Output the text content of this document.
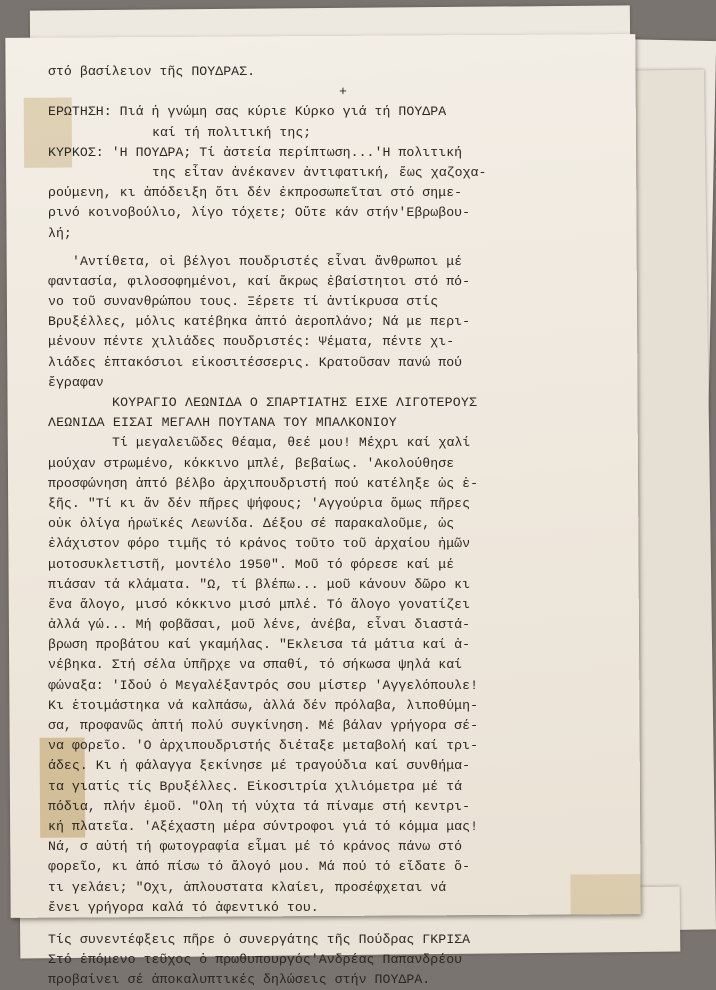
στό βασίλειον τῆς ΠΟΥΔΡΑΣ.
+
ΕΡΩΤΗΣΗ: Πιά ἡ γνώμη σας κύριε Κύρκο γιά τή ΠΟΥΔΡΑ
καί τή πολιτική της;
ΚΥΡΚΟΣ: 'Η ΠΟΥΔΡΑ; Τί ἀστεία περίπτωση...'Η πολιτική
της εἶταν ἀνέκανεν ἀντιφατική, ἕως χαζοχα-
ρούμενη, κι ἀπόδειξη ὅτι δέν ἐκπροσωπεῖται στό σημε-
ρινό κοινοβούλιο, λίγο τόχετε; Οὔτε κάν στήν'Εβρωβου-
λή;
'Αντίθετα, οἱ βέλγοι πουδριστές εἶναι ἄνθρωποι μέ
φαντασία, φιλοσοφημένοι, καί ἄκρως ἐβαίστητοι στό πό-
νο τοῦ συνανθρώπου τους. Ξέρετε τί ἀντίκρυσα στίς
Βρυξέλλες, μόλις κατέβηκα ἀπτό ἀεροπλάνο; Νά με περι-
μένουν πέντε χιλιάδες πουδριστές: Ψέματα, πέντε χι-
λιάδες ἑπτακόσιοι εἰκοσιτέσσερις. Κρατοῦσαν πανώ πού
ἔγραφαν
ΚΟΥΡΑΓΙΟ ΛΕΩΝΙΔΑ Ο ΣΠΑΡΤΙΑΤΗΣ ΕΙΧΕ ΛΙΓΟΤΕΡΟΥΣ
ΛΕΩΝΙΔΑ ΕΙΣΑΙ ΜΕΓΑΛΗ ΠΟΥΤΑΝΑ ΤΟΥ ΜΠΑΛΚΟΝΙΟΥ
Τί μεγαλειῶδες θέαμα, θεέ μου! Μέχρι καί χαλί
μούχαν στρωμένο, κόκκινο μπλέ, βεβαίως. 'Ακολούθησε
προσφώνηση ἀπτό βέλβο ἀρχιπουδριστή πού κατέληξε ὡς ἑ-
ξῆς. "Τί κι ἄν δέν πῆρες ψήφους; 'Αγγούρια ὅμως πῆρες
οὐκ ὀλίγα ἡρωϊκές Λεωνίδα. Δέξου σέ παρακαλοῦμε, ὡς
ἐλάχιστον φόρο τιμῆς τό κράνος τοῦτο τοῦ ἀρχαίου ἡμῶν
μοτοσυκλετιστῆ, μοντέλο 1950". Μοῦ τό φόρεσε καί μέ
πιάσαν τά κλάματα. "Ω, τί βλέπω... μοῦ κάνουν δῶρο κι
ἕνα ἄλογο, μισό κόκκινο μισό μπλέ. Τό ἄλογο γονατίζει
ἀλλά γώ... Μή φοβᾶσαι, μοῦ λένε, ἀνέβα, εἶναι διαστά-
βρωση προβάτου καί γκαμήλας. "Εκλεισα τά μάτια καί ἀ-
νέβηκα. Στή σέλα ὑπῆρχε να σπαθί, τό σήκωσα ψηλά καί
φώναξα: 'Ιδού ὁ Μεγαλέξαντρός σου μίστερ 'Αγγελόπουλε!
Κι ἑτοιμάστηκα νά καλπάσω, ἀλλά δέν πρόλαβα, λιποθύμη-
σα, προφανῶς ἀπτή πολύ συγκίνηση. Μέ βάλαν γρήγορα σέ-
να φορεῖο. 'Ο ἀρχιπουδριστής διέταξε μεταβολή καί τρι-
άδες. Κι ἡ φάλαγγα ξεκίνησε μέ τραγούδια καί συνθήμα-
τα γιατίς τίς Βρυξέλλες. Εἰκοσιτρία χιλιόμετρα μέ τά
πόδια, πλήν ἐμοῦ. "Ολη τή νύχτα τά πίναμε στή κεντρι-
κή πλατεῖα. 'Αξέχαστη μέρα σύντροφοι γιά τό κόμμα μας!
Νά, σ αὐτή τή φωτογραφία εἶμαι μέ τό κράνος πάνω στό
φορεῖο, κι ἀπό πίσω τό ἄλογό μου. Μά πού τό εἴδατε ὅ-
τι γελάει; "Οχι, ἁπλουστατα κλαίει, προσέφχεται νά
ἔνει γρήγορα καλά τό ἀφεντικό του.
Τίς συνεντέφξεις πῆρε ὁ συνεργάτης τῆς Πούδρας ΓΚΡΙΣΑ
Στό ἑπόμενο τεῦχος ὁ πρωθυπουργός'Ανδρέας Παπανδρέου
προβαίνει σέ ἀποκαλυπτικές δηλώσεις στήν ΠΟΥΔΡΑ.
